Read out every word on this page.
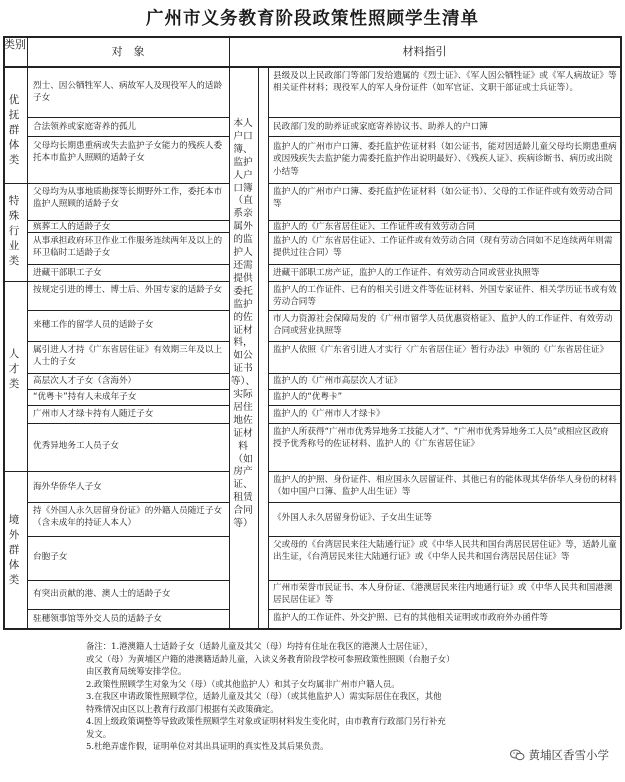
广州市义务教育阶段政策性照顾学生清单
类别
对　象	材料指引
优抚群体类
特殊行业类
人才类
境外群体类
本人户口簿、监护人户口簿（直系亲属外的监护人还需提供委托监护的佐证材料，如公证书等）、实际居住地佐证材料（如房产证、租赁合同等）
烈士、因公牺牲军人、病故军人及现役军人的适龄子女
合法领养或家庭寄养的孤儿
父母均长期患重病或失去监护子女能力的残疾人委托本市监护人照顾的适龄子女
父母均为从事地质勘探等长期野外工作，委托本市监护人照顾的适龄子女
殡葬工人的适龄子女
从事承担政府环卫作业工作服务连续两年及以上的环卫临时工适龄子女
进藏干部职工子女
按规定引进的博士、博士后、外国专家的适龄子女
来穗工作的留学人员的适龄子女
属引进人才持《广东省居住证》有效期三年及以上人士的子女
高层次人才子女（含海外）
“优粤卡”持有人未成年子女
广州市人才绿卡持有人随迁子女
优秀异地务工人员子女
海外华侨华人子女
持《外国人永久居留身份证》的外籍人员随迁子女（含未成年的持证人本人）
台胞子女
有突出贡献的港、澳人士的适龄子女
驻穗领事馆等外交人员的适龄子女
县级及以上民政部门等部门发给遗属的《烈士证》、《军人因公牺牲证》或《军人病故证》等相关证件材料；现役军人的军人身份证件（如军官证、文职干部证或士兵证等）。
民政部门发的助养证或家庭寄养协议书、助养人的户口簿
监护人的广州市户口簿、委托监护佐证材料（如公证书，能对因适龄儿童父母均长期患重病或因残疾失去监护能力需委托监护作出说明最好）、《残疾人证》、疾病诊断书、病历或出院小结等
监护人的广州市户口簿、委托监护佐证材料（如公证书）、父母的工作证件或有效劳动合同等
监护人的《广东省居住证》、工作证件或有效劳动合同
监护人的《广东省居住证》、工作证件或有效劳动合同（现有劳动合同如不足连续两年则需提供过往合同）等
进藏干部职工房产证，监护人的工作证件、有效劳动合同或营业执照等
监护人的工作证件、已有的相关引进文件等佐证材料、外国专家证件、相关学历证书或有效劳动合同等
市人力资源社会保障局发的《广州市留学人员优惠资格证》、监护人的工作证件、有效劳动合同或营业执照等
监护人依照《广东省引进人才实行〈广东省居住证〉暂行办法》申领的《广东省居住证》
监护人的《广州市高层次人才证》
监护人的“优粤卡”
监护人的《广州市人才绿卡》
监护人所获得“广州市优秀异地务工技能人才”、“广州市优秀异地务工人员”或相应区政府授予优秀称号的佐证材料、监护人的《广东省居住证》
监护人的护照、身份证件、相应国永久居留证件、其他已有的能体现其华侨华人身份的材料（如中国户口簿、监护人出生证）等
《外国人永久居留身份证》、子女出生证等
父或母的《台湾居民来往大陆通行证》或《中华人民共和国台湾居民居住证》等，适龄儿童出生证，《台湾居民来往大陆通行证》或《中华人民共和国台湾居民居住证》等
广州市荣誉市民证书、本人身份证、《港澳居民来往内地通行证》或《中华人民共和国港澳居民居住证》等
监护人的工作证件、外交护照、已有的其他相关证明或市政府外办函件等

备注：1.港澳籍人士适龄子女（适龄儿童及其父（母）均持有住址在我区的港澳人士居住证），

或父（母）为黄埔区户籍的港澳籍适龄儿童，入读义务教育阶段学校可参照政策性照顾（台胞子女）

由区教育局统筹安排学位。

2.政策性照顾学生对象为父（母）（或其他监护人）和其子女均属非广州市户籍人员。

3.在我区申请政策性照顾学位，适龄儿童及其父（母）（或其他监护人）需实际居住在我区，其他

特殊情况由区以上教育行政部门根据有关政策确定。

4.因上级政策调整等导致政策性照顾学生对象或证明材料发生变化时，由市教育行政部门另行补充

发文。

5.杜绝弄虚作假，证明单位对其出具证明的真实性及其后果负责。

黄埔区香雪小学
